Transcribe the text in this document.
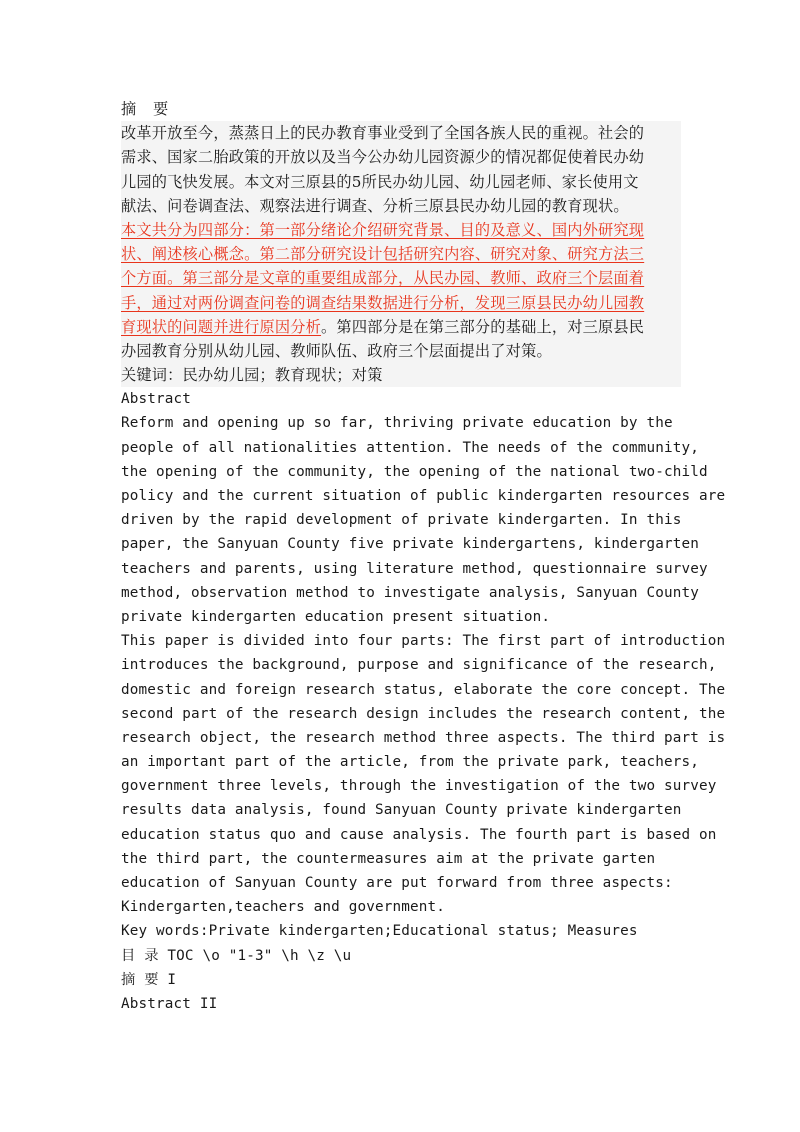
摘 要
改革开放至今，蒸蒸日上的民办教育事业受到了全国各族人民的重视。社会的
需求、国家二胎政策的开放以及当今公办幼儿园资源少的情况都促使着民办幼
儿园的飞快发展。本文对三原县的5所民办幼儿园、幼儿园老师、家长使用文
献法、问卷调查法、观察法进行调查、分析三原县民办幼儿园的教育现状。
本文共分为四部分：第一部分绪论介绍研究背景、目的及意义、国内外研究现
状、阐述核心概念。第二部分研究设计包括研究内容、研究对象、研究方法三
个方面。第三部分是文章的重要组成部分，从民办园、教师、政府三个层面着
手，通过对两份调查问卷的调查结果数据进行分析，发现三原县民办幼儿园教
育现状的问题并进行原因分析。第四部分是在第三部分的基础上，对三原县民
办园教育分别从幼儿园、教师队伍、政府三个层面提出了对策。
关键词：民办幼儿园；教育现状；对策
Abstract
Reform and opening up so far, thriving private education by the
people of all nationalities attention. The needs of the community,
the opening of the community, the opening of the national two-child
policy and the current situation of public kindergarten resources are
driven by the rapid development of private kindergarten. In this
paper, the Sanyuan County five private kindergartens, kindergarten
teachers and parents, using literature method, questionnaire survey
method, observation method to investigate analysis, Sanyuan County
private kindergarten education present situation.
This paper is divided into four parts: The first part of introduction
introduces the background, purpose and significance of the research,
domestic and foreign research status, elaborate the core concept. The
second part of the research design includes the research content, the
research object, the research method three aspects. The third part is
an important part of the article, from the private park, teachers,
government three levels, through the investigation of the two survey
results data analysis, found Sanyuan County private kindergarten
education status quo and cause analysis. The fourth part is based on
the third part, the countermeasures aim at the private garten
education of Sanyuan County are put forward from three aspects:
Kindergarten,teachers and government.
Key words:Private kindergarten;Educational status; Measures
目 录 TOC \o "1-3" \h \z \u
摘 要 I
Abstract II
